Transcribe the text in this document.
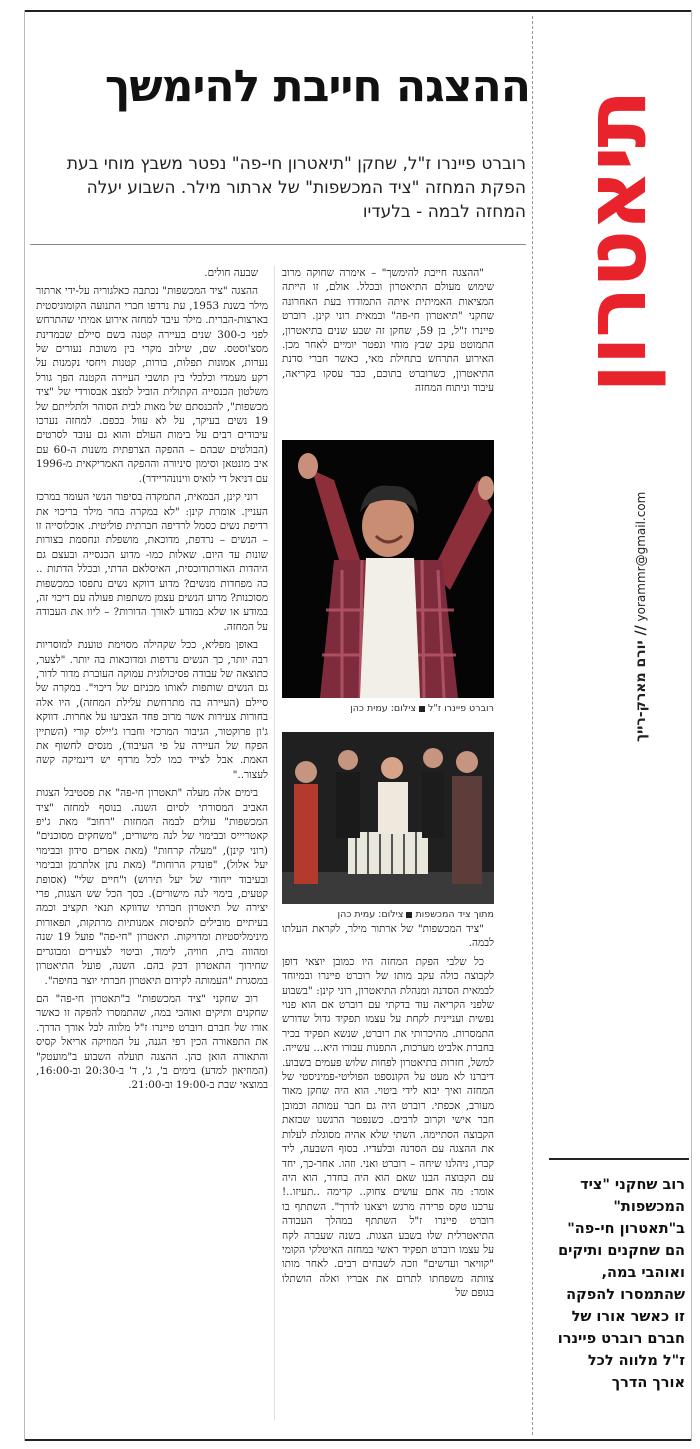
תיאטרון
יורם מארק-רייך // yorammr@gmail.com
רוב שחקני "ציד המכשפות" ב"תאטרון חי-פה" הם שחקנים ותיקים ואוהבי במה, שהתמסרו להפקה זו כאשר אורו של חברם רוברט פיינרו ז"ל מלווה לכל אורך הדרך
ההצגה חייבת להימשך
רוברט פיינרו ז"ל, שחקן "תיאטרון חי-פה" נפטר משבץ מוחי בעת הפקת המחזה "ציד המכשפות" של ארתור מילר. השבוע יעלה המחזה לבמה - בלעדיו

"ההצגה חייבת להימשך" – אימרה שחוקה מרוב שימוש מעולם התיאטרון ובכלל. אולם, זו הייתה המציאות האמיתית איתה התמודדו בעת האחרונה שחקני "תיאטרון חי-פה" ובמאית רוני קינן. רוברט פיינרו ז"ל, בן 59, שחקן זה שבע שנים בתיאטרון, התמוטט עקב שבץ מוחי ונפטר יומיים לאחר מכן. האירוע התרחש בתחילת מאי, כאשר חברי סדנת התיאטרון, כשרוברט בתוכם, כבר עסקו בקריאה, עיבוד וניתוח המחזה

רוברט פיינרו ז"לצילום: עמית כהן
מתוך ציד המכשפותצילום: עמית כהן

"ציד המכשפות" של ארתור מילר, לקראת העלתו לבמה.

כל שלבי הפקת המחזה היו כמובן יוצאי דופן לקבוצה כולה עקב מותו של רוברט פיינרו ובמיוחד לבמאית הסדנה ומנהלת התיאטרון, רוני קינן: "בשבוע שלפני הקריאה עוד בדקתי עם רוברט אם הוא פנוי נפשית ועניינית לקחת על עצמו תפקיד גדול שדורש התמסרות. מהיכרותי את רוברט, שנשא תפקיד בכיר בחברת אלביט מערכות, התפנות עבורו היא... עשייה. למשל, חזרות בתיאטרון לפחות שלוש פעמים בשבוע. דיברנו לא מעט על הקונספט הפוליטי-פמיניסטי של המחזה ואיך יבוא לידי ביטוי. הוא היה שחקן מאוד מעורב, אכפתי. רוברט היה גם חבר עמותה וכמובן חבר אישי וקרוב לרבים. כשנפטר הרגשנו שבזאת הקבוצה הסתיימה. השתי שלא אהיה מסוגלת לעלות את ההצגה עם הסדנה ובלעדיו. בסוף השבעה, ליד קברו, ניהלנו שיחה – רוברט ואני. וזהו. אחר-כך, יחד עם הקבוצה הבנו שאם הוא היה בחדר, הוא היה אומר: מה אתם עושים צחוק.. קדימה ..תעיזו..! ערכנו טקס פרידה מרגש ויצאנו לדרך". השתתף בו רוברט פיינרו ז"ל השתתף במהלך העבודה התיאטרלית שלו בשבע הצגות. בשנה שעברה לקח על עצמו רוברט תפקיד ראשי במחזה האיטלקי הקומי "קוויאר ועדשים" וזכה לשבחים רבים. לאחר מותו צוותה משפחתו לתרום את אבריו ואלה הושתלו בגופם של

שבעה חולים.

ההצגה "ציד המכשפות" נכתבה כאלגוריה על-ידי ארתור מילר בשנת 1953, עת נרדפו חברי התנועה הקומוניסטית בארצות-הברית. מילר עיבד למחזה אירוע אמיתי שהתרחש לפני כ-300 שנים בעיירה קטנה בשם סיילם שבמדינת מסצ'וסטס. שם, שילוב מקרי בין משובת נעורים של נערות, אמונות תפלות, בורות, קטנות ויחסי נקמנות על רקע מעמדי וכלכלי בין תושבי העיירה הקטנה הפך גורל משלטון הכנסייה הקתולית הוביל למצב אבסורדי של "ציד מכשפות", להכנסתם של מאות לבית הסוהר ולתלייתם של 19 נשים בעיקר, על לא עוול בכפם. למחזה נערכו עיבודים רבים על בימות העולם והוא גם עובד לסרטים (הבולטים שבהם – ההפקה הצרפתית משנות ה-60 עם איב מונטאן וסימון סיניורה וההפקה האמריקאית מ-1996 עם דניאל די לואיס ווינונהריידר).

רוני קינן, הבמאית, התמקדה בסיפור הנשי העומד במרכז העניין. אומרת קינן: "לא במקרה בחר מילר בריכוי את רדיפת נשים כסמל לרדיפה חברתית פוליטית. אוכלוסייה זו – הנשים – נרדפת, מדוכאת, מושפלת ונחסמת בצורות שונות עד היום. שאלות כמו- מדוע הכנסייה ובעצם גם היהדות האורתודוכסית, האיסלאם הדתי, ובכלל הדתות .. כה מפחדות מנשים? מדוע דווקא נשים נתפסו כמכשפות מסוכנות? מדוע הנשים עצמן משתפות פעולה עם דיכוי זה, במודע או שלא במודע לאורך הדורות? – ליוו את העבודה על המחזה.

באופן מפליא, ככל שקהילה מסוימת טוענת למוסריות רבה יותר, כך הנשים נרדפות ומדוכאות בה יותר. "לצער, כתוצאה של עבודה פסיכולוגית עמוקה העוברת מדור לדור, גם הנשים שותפות לאותו מכניזם של דיכוי". במקרה של סיילם (העיירה בה מתרחשת עלילת המחזה), היו אלה בחורות צעירות אשר מרוב פחד הצביעו על אחרות. דווקא ג'ון פרוקטור, הגיבור המרכזי וחברו ג'יילס קורי (השתיין הפקח של העיירה על פי העיבוד), מנסים לחשוף את האמת. אבל לצייד כמו לכל מרדף יש דינמיקה קשה לעצור.."

בימים אלה מעלה "תאטרון חי-פה" את פסטיבל הצגות האביב המסורתי לסיום השנה. בנוסף למחזה "ציד המכשפות" עולים לבמה המחזות "רחוב" מאת ג'יפ קאטריייס ובבימוי של לנה מישורים, "משחקים מסוכנים" (רוני קינן), "מעלה קרחות" (מאת אפרים סידון ובבימוי יעל אלול), "פונדק הרוחות" (מאת נתן אלתרמן ובבימוי ובעיבוד ייחודי של יעל תירוש) ו"חיים שלי" (אסופת קטעים, בימוי לנה מישורים). בסך הכל שש הצגות, פרי יצירה של תיאטרון חברתי שדווקא תנאי תקציב וכמה בעיתיים מובילים לתפיסות אמנותיות מרתקות, תפאורות מינימליסטיות ומדויקות. תיאטרון "חי-פה" פועל 19 שנה ומהווה בית, חוויה, לימוד, וביטוי לצעירים ומבוגרים שחירוך התאטרון דבק בהם. השנה, פועל התיאטרון במסגרת "העמותה לקידום תיאטרון חברתי יוצר בחיפה".

רוב שחקני "ציד המכשפות" ב"תאטרון חי-פה" הם שחקנים ותיקים ואוהבי במה, שהתמסרו להפקה זו כאשר אורו של חברם רוברט פיינרו ז"ל מלווה לכל אורך הדרך. את התפאורה הכין רפי הגנה, על המוזיקה אריאל קסיס והתאורה הואן כהן. ההצגה תועלה השבוע ב"מועטק" (המוזיאון למדע) בימים ב', ג', ד' ב-20:30 וב-16:00, במוצאי שבת ב-19:00 וב-21:00.
